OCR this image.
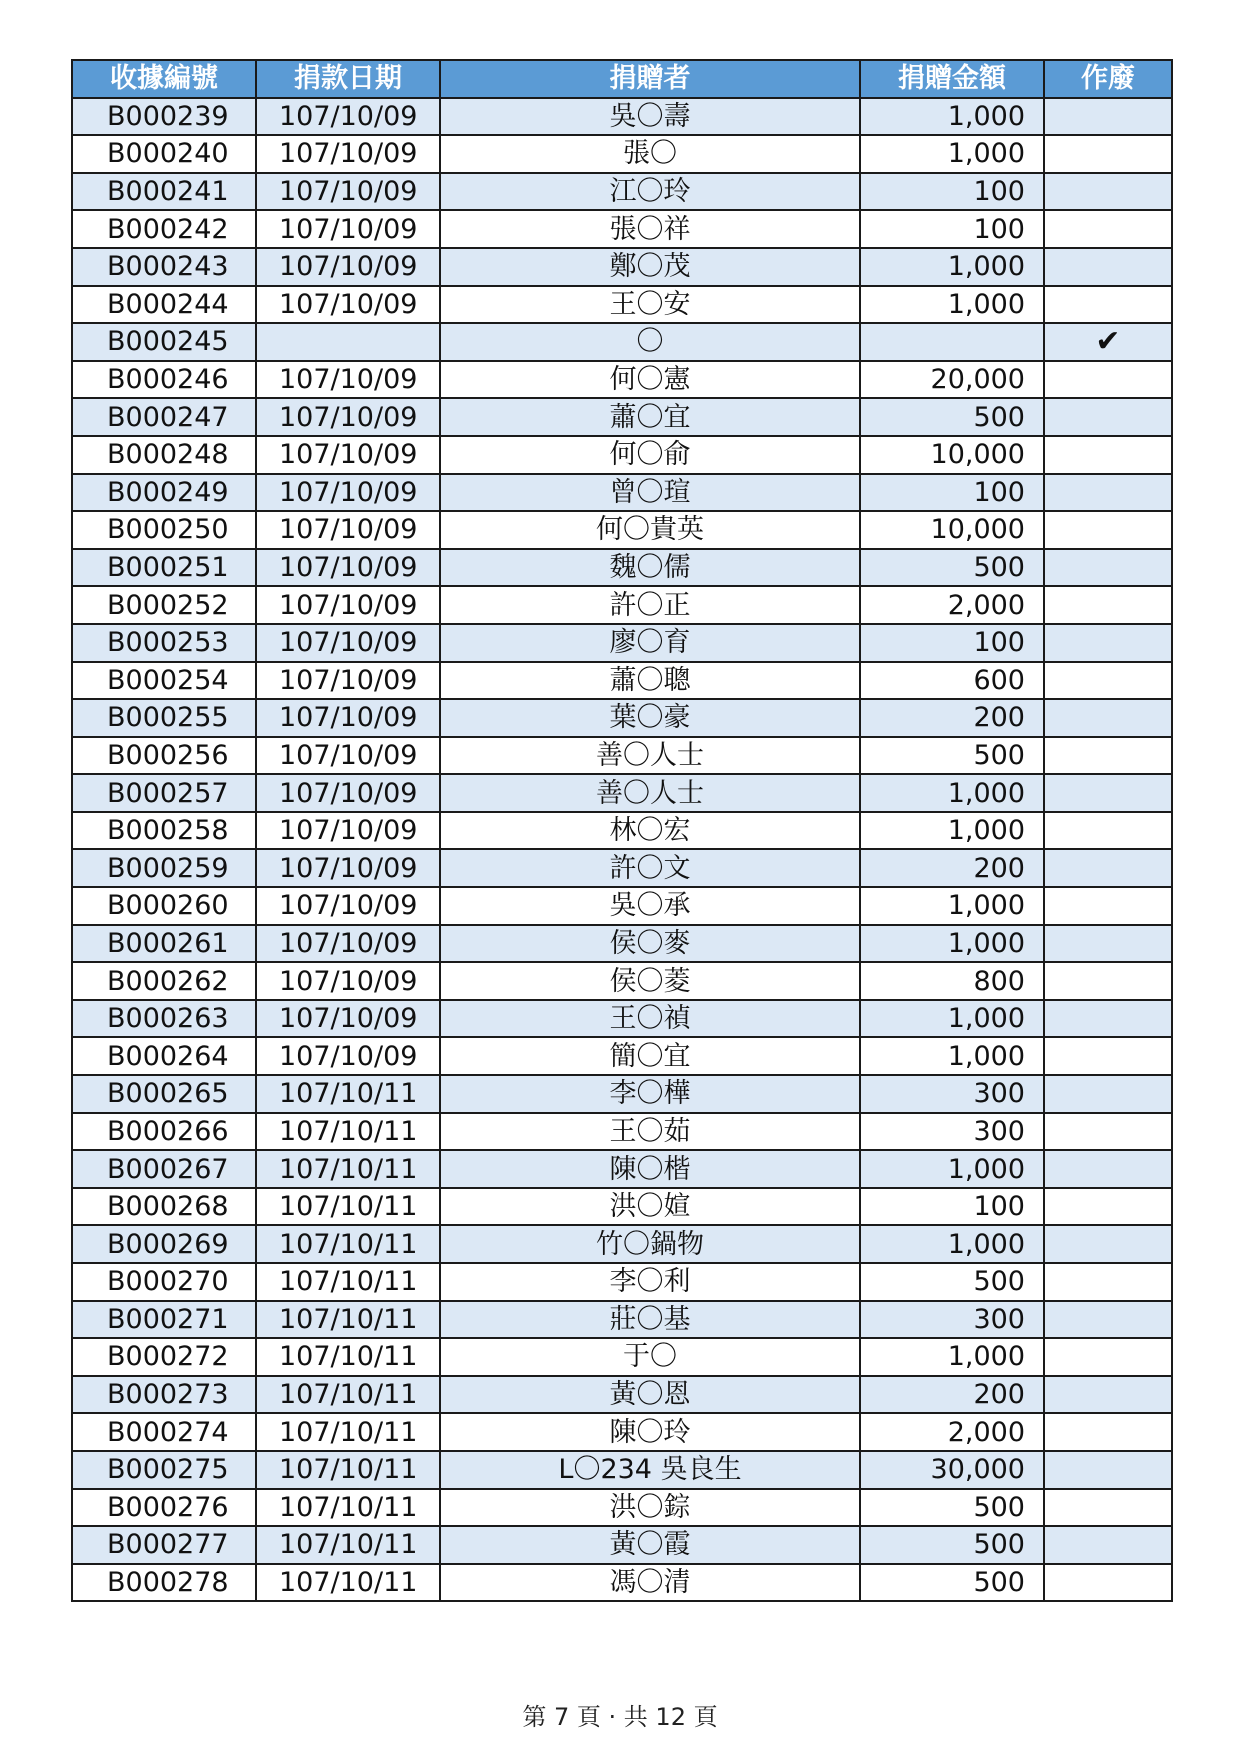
收據編號	捐款日期	捐贈者	捐贈金額	作廢
B000239	107/10/09	吳〇壽	1,000	
B000240	107/10/09	張〇	1,000	
B000241	107/10/09	江〇玲	100	
B000242	107/10/09	張〇祥	100	
B000243	107/10/09	鄭〇茂	1,000	
B000244	107/10/09	王〇安	1,000	
B000245		〇		✔
B000246	107/10/09	何〇憲	20,000	
B000247	107/10/09	蕭〇宜	500	
B000248	107/10/09	何〇俞	10,000	
B000249	107/10/09	曾〇瑄	100	
B000250	107/10/09	何〇貴英	10,000	
B000251	107/10/09	魏〇儒	500	
B000252	107/10/09	許〇正	2,000	
B000253	107/10/09	廖〇育	100	
B000254	107/10/09	蕭〇聰	600	
B000255	107/10/09	葉〇豪	200	
B000256	107/10/09	善〇人士	500	
B000257	107/10/09	善〇人士	1,000	
B000258	107/10/09	林〇宏	1,000	
B000259	107/10/09	許〇文	200	
B000260	107/10/09	吳〇承	1,000	
B000261	107/10/09	侯〇麥	1,000	
B000262	107/10/09	侯〇菱	800	
B000263	107/10/09	王〇禎	1,000	
B000264	107/10/09	簡〇宜	1,000	
B000265	107/10/11	李〇樺	300	
B000266	107/10/11	王〇茹	300	
B000267	107/10/11	陳〇楷	1,000	
B000268	107/10/11	洪〇媗	100	
B000269	107/10/11	竹〇鍋物	1,000	
B000270	107/10/11	李〇利	500	
B000271	107/10/11	莊〇基	300	
B000272	107/10/11	于〇	1,000	
B000273	107/10/11	黃〇恩	200	
B000274	107/10/11	陳〇玲	2,000	
B000275	107/10/11	L〇234 吳良生	30,000	
B000276	107/10/11	洪〇錝	500	
B000277	107/10/11	黃〇霞	500	
B000278	107/10/11	馮〇清	500	
第 7 頁 · 共 12 頁
